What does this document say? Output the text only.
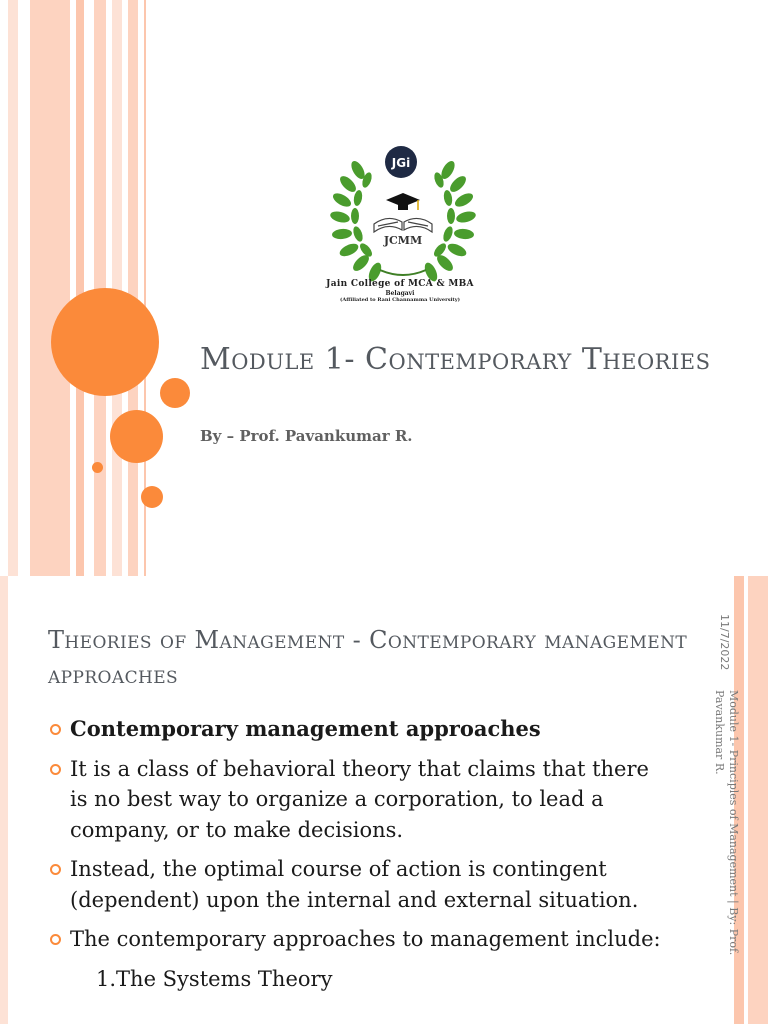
JGi
JCMM
Jain College of MCA & MBA
Belagavi
(Affiliated to Rani Channamma University)
Module 1- Contemporary Theories

By – Prof. Pavankumar R.

11/7/2022
Module 1- Principles of Management | By: Prof. Pavankumar R.
Theories of Management - Contemporary management approaches
Contemporary management approaches
It is a class of behavioral theory that claims that there is no best way to organize a corporation, to lead a company, or to make decisions.
Instead, the optimal course of action is contingent (dependent) upon the internal and external situation.
The contemporary approaches to management include:
1.The Systems Theory
